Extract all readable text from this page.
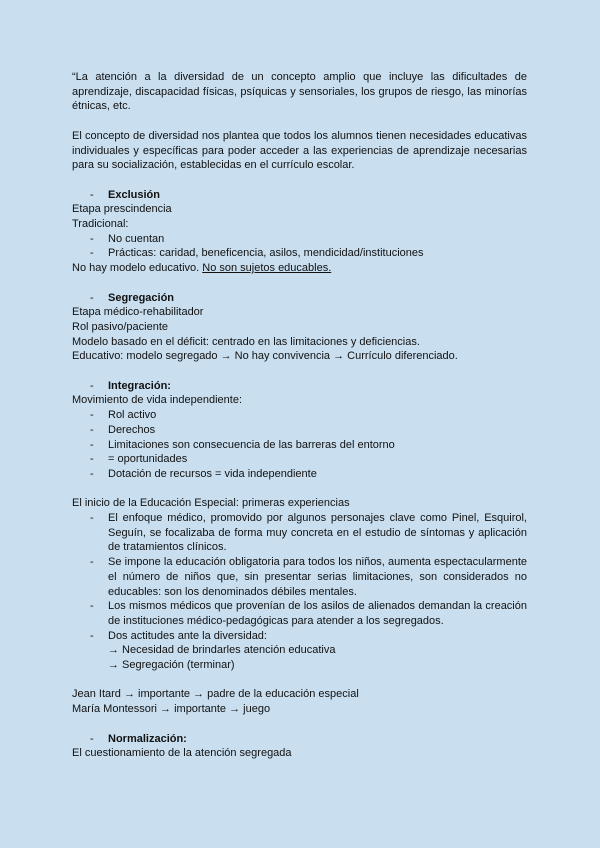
“La atención a la diversidad de un concepto amplio que incluye las dificultades de aprendizaje, discapacidad físicas, psíquicas y sensoriales, los grupos de riesgo, las minorías étnicas, etc.

El concepto de diversidad nos plantea que todos los alumnos tienen necesidades educativas individuales y específicas para poder acceder a las experiencias de aprendizaje necesarias para su socialización, establecidas en el currículo escolar.

- Exclusión

Etapa prescindencia

Tradicional:

- No cuentan
- Prácticas: caridad, beneficencia, asilos, mendicidad/instituciones

No hay modelo educativo. No son sujetos educables.

- Segregación

Etapa médico-rehabilitador

Rol pasivo/paciente

Modelo basado en el déficit: centrado en las limitaciones y deficiencias.

Educativo: modelo segregado → No hay convivencia → Currículo diferenciado.

- Integración:

Movimiento de vida independiente:

- Rol activo
- Derechos
- Limitaciones son consecuencia de las barreras del entorno
- = oportunidades
- Dotación de recursos = vida independiente

El inicio de la Educación Especial: primeras experiencias

- El enfoque médico, promovido por algunos personajes clave como Pinel, Esquirol, Seguín, se focalizaba de forma muy concreta en el estudio de síntomas y aplicación de tratamientos clínicos.
- Se impone la educación obligatoria para todos los niños, aumenta espectacularmente el número de niños que, sin presentar serias limitaciones, son considerados no educables: son los denominados débiles mentales.
- Los mismos médicos que provenían de los asilos de alienados demandan la creación de instituciones médico-pedagógicas para atender a los segregados.
- Dos actitudes ante la diversidad:

→ Necesidad de brindarles atención educativa

→ Segregación (terminar)

Jean Itard → importante → padre de la educación especial

María Montessori → importante → juego

- Normalización:

El cuestionamiento de la atención segregada
